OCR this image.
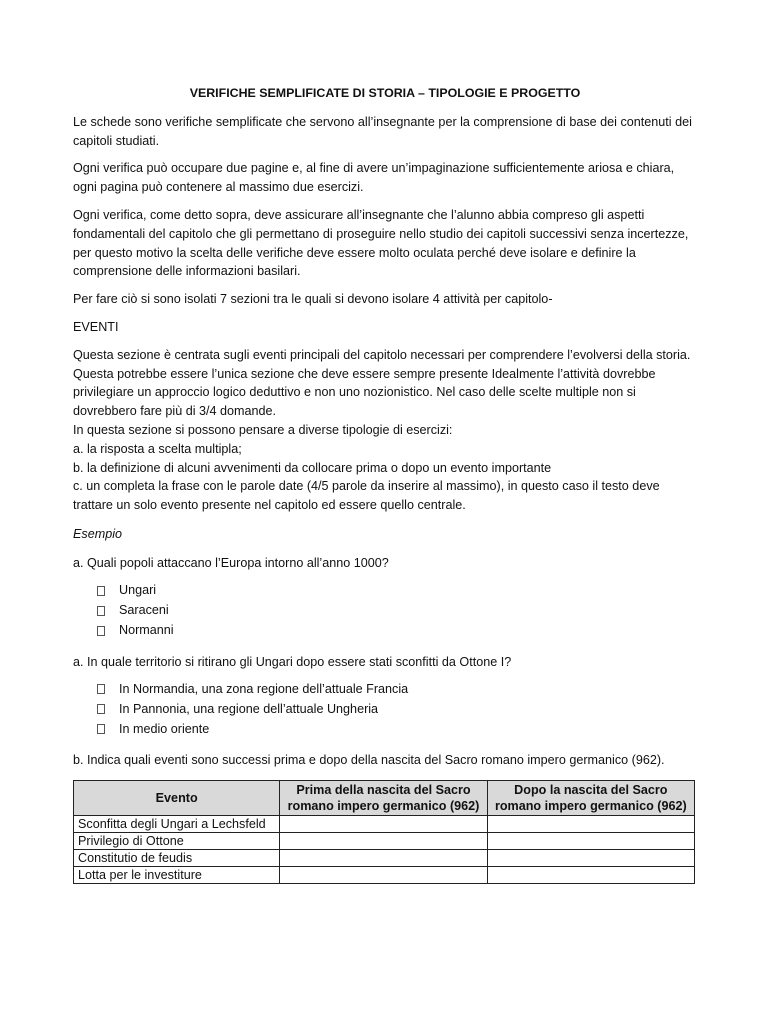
VERIFICHE SEMPLIFICATE DI STORIA – TIPOLOGIE E PROGETTO

Le schede sono verifiche semplificate che servono all’insegnante per la comprensione di base dei contenuti dei capitoli studiati.

Ogni verifica può occupare due pagine e, al fine di avere un’impaginazione sufficientemente ariosa e chiara, ogni pagina può contenere al massimo due esercizi.

Ogni verifica, come detto sopra, deve assicurare all’insegnante che l’alunno abbia compreso gli aspetti fondamentali del capitolo che gli permettano di proseguire nello studio dei capitoli successivi senza incertezze, per questo motivo la scelta delle verifiche deve essere molto oculata perché deve isolare e definire la comprensione delle informazioni basilari.

Per fare ciò si sono isolati 7 sezioni tra le quali si devono isolare 4 attività per capitolo-

EVENTI

Questa sezione è centrata sugli eventi principali del capitolo necessari per comprendere l’evolversi della storia. Questa potrebbe essere l’unica sezione che deve essere sempre presente Idealmente l’attività dovrebbe privilegiare un approccio logico deduttivo e non uno nozionistico. Nel caso delle scelte multiple non si dovrebbero fare più di 3/4 domande.

In questa sezione si possono pensare a diverse tipologie di esercizi:

a. la risposta a scelta multipla;

b. la definizione di alcuni avvenimenti da collocare prima o dopo un evento importante

c. un completa la frase con le parole date (4/5 parole da inserire al massimo), in questo caso il testo deve trattare un solo evento presente nel capitolo ed essere quello centrale.

Esempio

a. Quali popoli attaccano l’Europa intorno all’anno 1000?

Ungari
Saraceni
Normanni

a. In quale territorio si ritirano gli Ungari dopo essere stati sconfitti da Ottone I?

In Normandia, una zona regione dell’attuale Francia
In Pannonia, una regione dell’attuale Ungheria
In medio oriente

b. Indica quali eventi sono successi prima e dopo della nascita del Sacro romano impero germanico (962).

Evento	Prima della nascita del Sacro romano impero germanico (962)	Dopo la nascita del Sacro romano impero germanico (962)
Sconfitta degli Ungari a Lechsfeld		
Privilegio di Ottone		
Constitutio de feudis		
Lotta per le investiture		
